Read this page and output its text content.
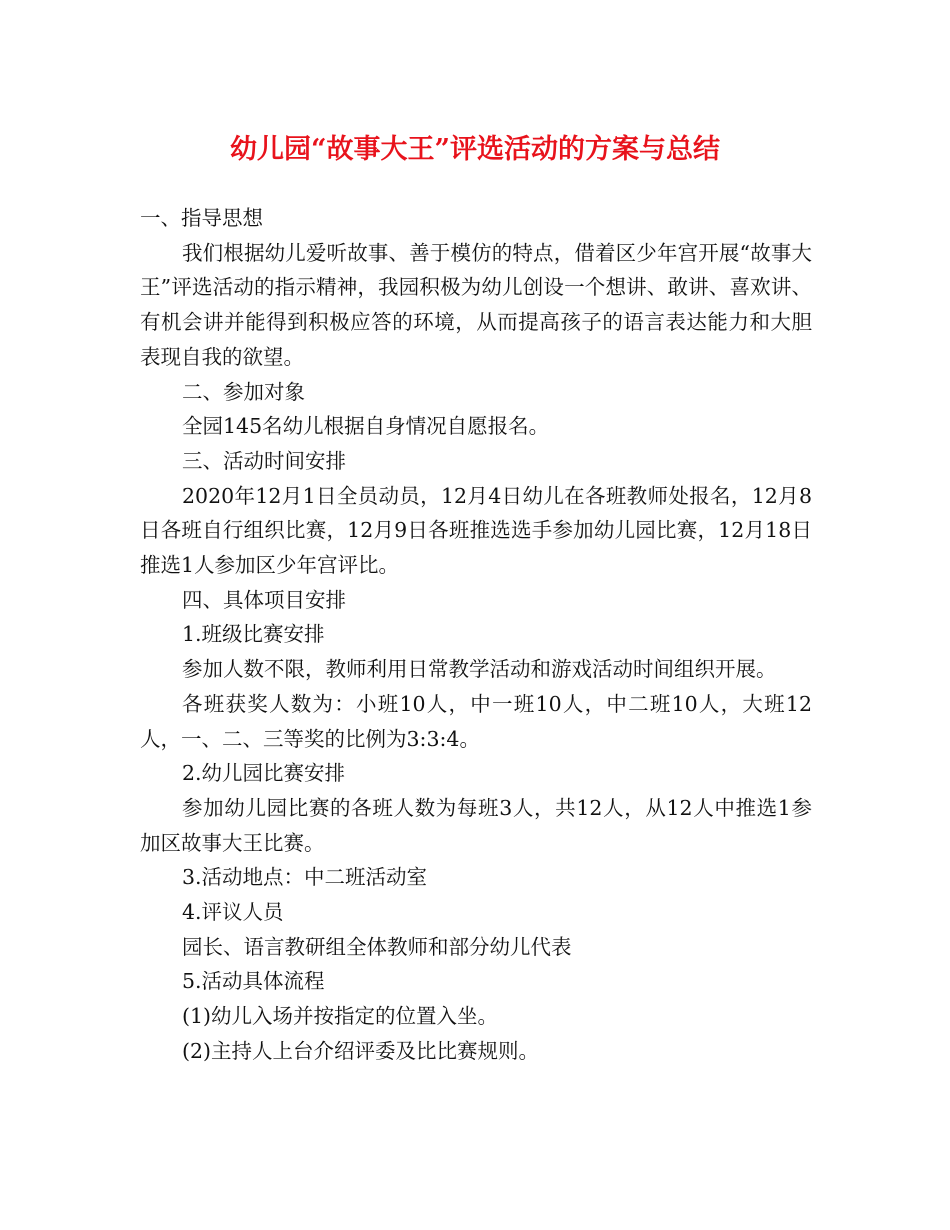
幼儿园“故事大王”评选活动的方案与总结

一、指导思想

我们根据幼儿爱听故事、善于模仿的特点，借着区少年宫开展“故事大王”评选活动的指示精神，我园积极为幼儿创设一个想讲、敢讲、喜欢讲、有机会讲并能得到积极应答的环境，从而提高孩子的语言表达能力和大胆表现自我的欲望。

二、参加对象

全园145名幼儿根据自身情况自愿报名。

三、活动时间安排

2020年12月1日全员动员，12月4日幼儿在各班教师处报名，12月8日各班自行组织比赛，12月9日各班推选选手参加幼儿园比赛，12月18日推选1人参加区少年宫评比。

四、具体项目安排

1.班级比赛安排

参加人数不限，教师利用日常教学活动和游戏活动时间组织开展。

各班获奖人数为：小班10人，中一班10人，中二班10人，大班12人，一、二、三等奖的比例为3:3:4。

2.幼儿园比赛安排

参加幼儿园比赛的各班人数为每班3人，共12人，从12人中推选1参加区故事大王比赛。

3.活动地点：中二班活动室

4.评议人员

园长、语言教研组全体教师和部分幼儿代表

5.活动具体流程

(1)幼儿入场并按指定的位置入坐。

(2)主持人上台介绍评委及比比赛规则。
